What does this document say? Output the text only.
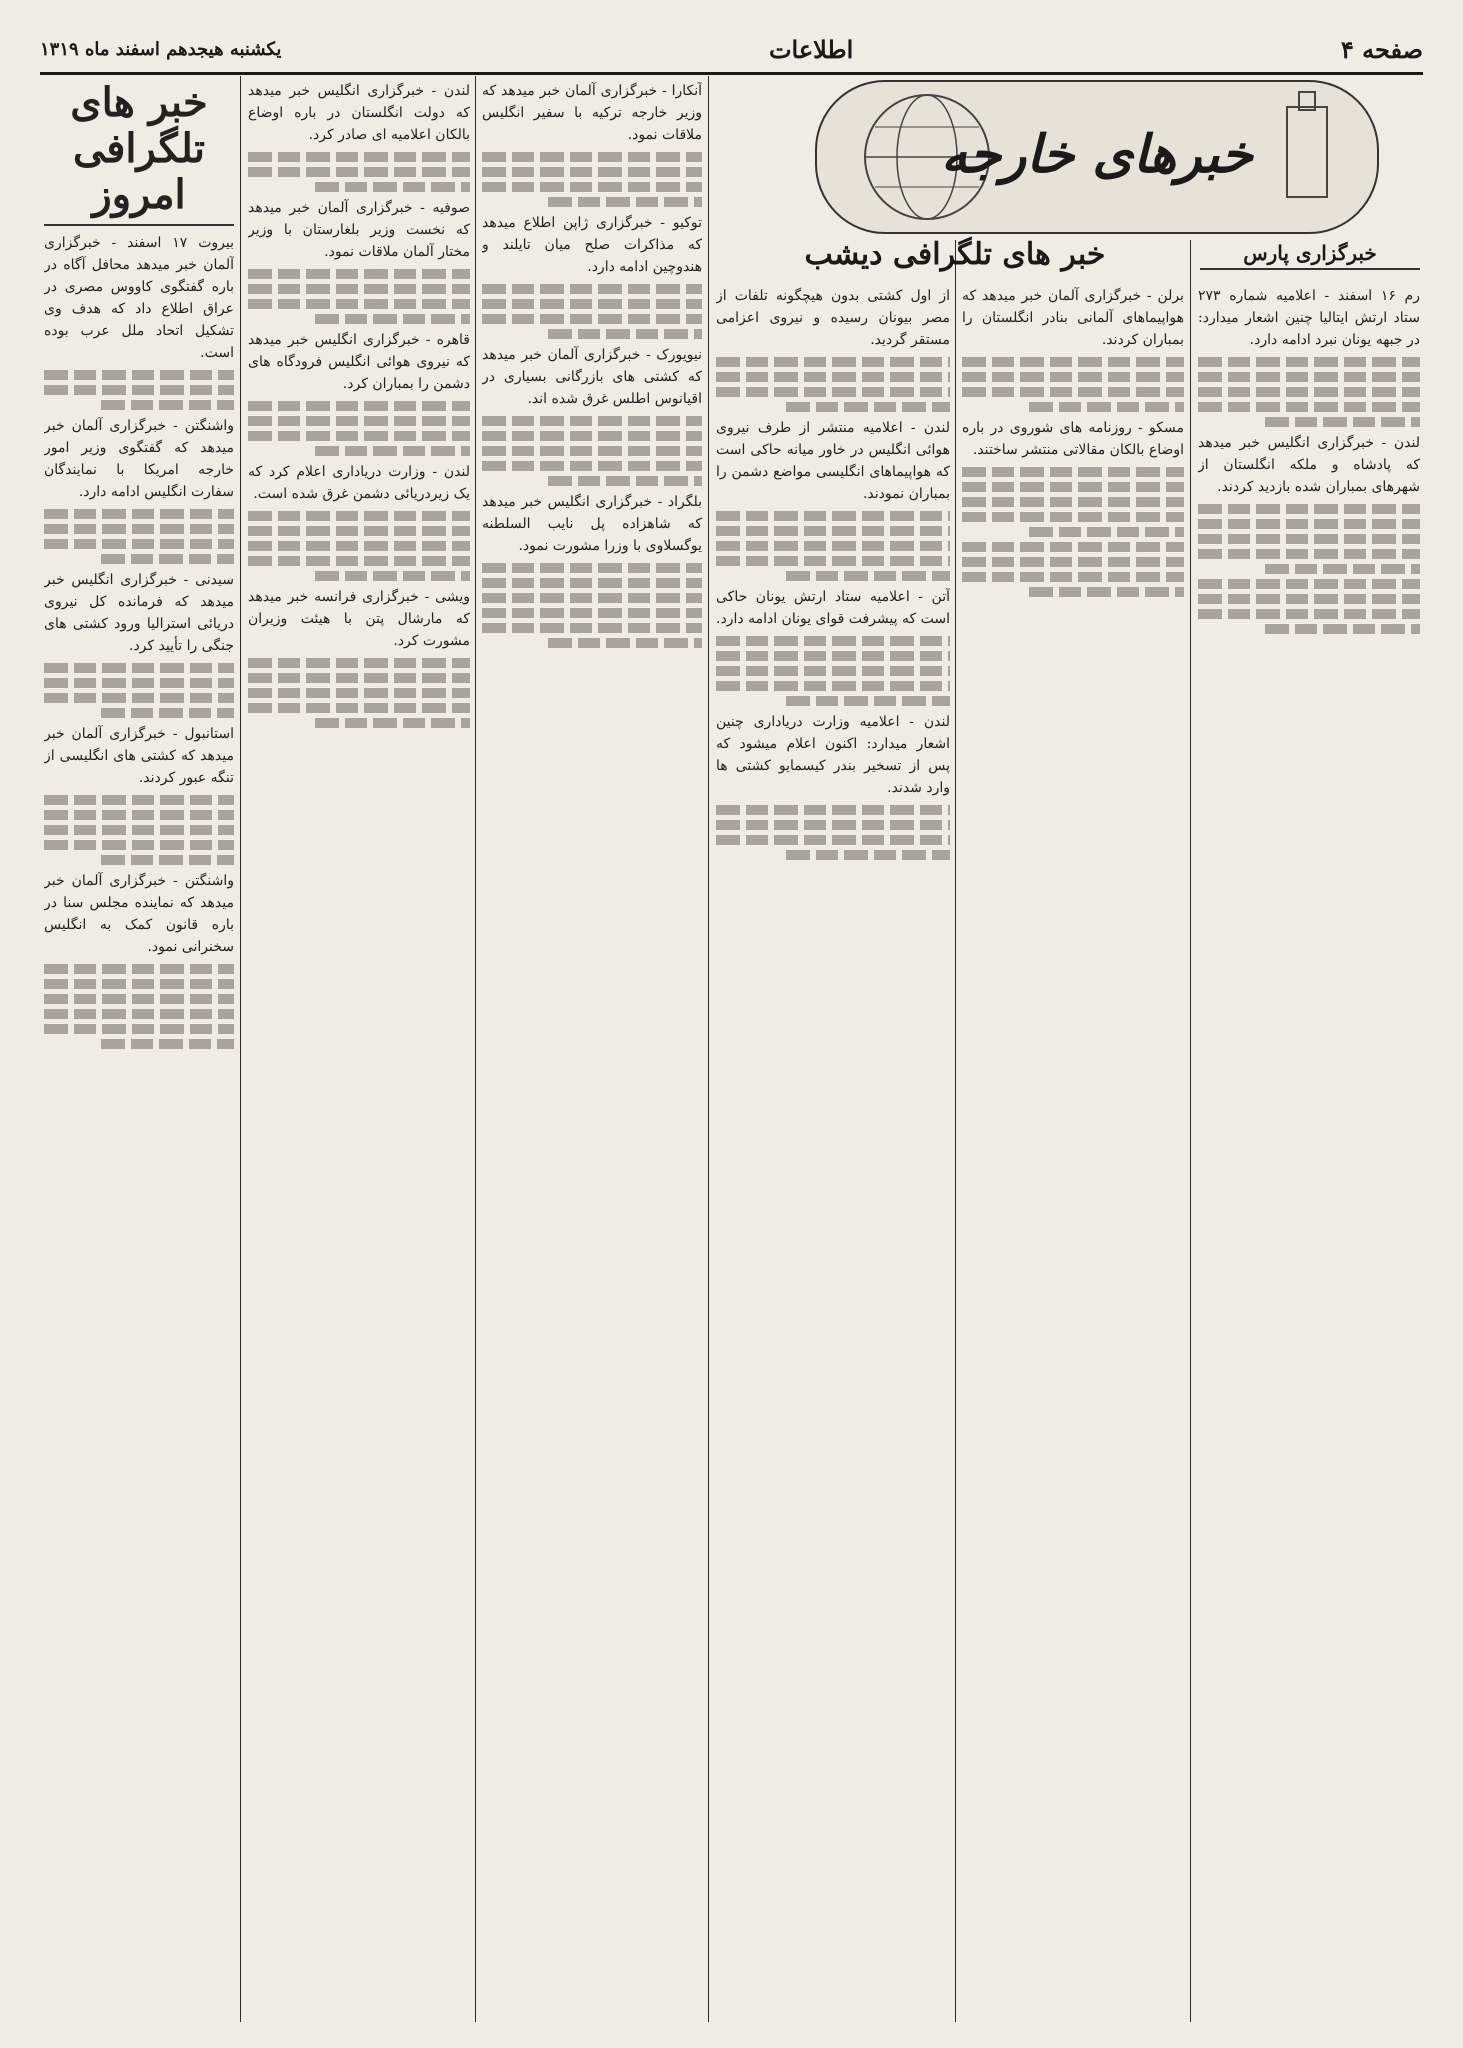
صفحه ۴
اطلاعات
یکشنبه هیجدهم اسفند ماه ۱۳۱۹
خبرهای خارجه
خبر های تلگرافی امروز

بیروت ۱۷ اسفند - خبرگزاری آلمان خبر میدهد محافل آگاه در باره گفتگوی کاووس مصری در عراق اطلاع داد که هدف وی تشکیل اتحاد ملل عرب بوده است.

واشنگتن - خبرگزاری آلمان خبر میدهد که گفتگوی وزیر امور خارجه امریکا با نمایندگان سفارت انگلیس ادامه دارد.

سیدنی - خبرگزاری انگلیس خبر میدهد که فرمانده کل نیروی دریائی استرالیا ورود کشتی های جنگی را تأیید کرد.

استانبول - خبرگزاری آلمان خبر میدهد که کشتی های انگلیسی از تنگه عبور کردند.

واشنگتن - خبرگزاری آلمان خبر میدهد که نماینده مجلس سنا در باره قانون کمک به انگلیس سخنرانی نمود.

لندن - خبرگزاری انگلیس خبر میدهد که دولت انگلستان در باره اوضاع بالکان اعلامیه ای صادر کرد.

صوفیه - خبرگزاری آلمان خبر میدهد که نخست وزیر بلغارستان با وزیر مختار آلمان ملاقات نمود.

قاهره - خبرگزاری انگلیس خبر میدهد که نیروی هوائی انگلیس فرودگاه های دشمن را بمباران کرد.

لندن - وزارت دریاداری اعلام کرد که یک زیردریائی دشمن غرق شده است.

ویشی - خبرگزاری فرانسه خبر میدهد که مارشال پتن با هیئت وزیران مشورت کرد.

آنکارا - خبرگزاری آلمان خبر میدهد که وزیر خارجه ترکیه با سفیر انگلیس ملاقات نمود.

توکیو - خبرگزاری ژاپن اطلاع میدهد که مذاکرات صلح میان تایلند و هندوچین ادامه دارد.

نیویورک - خبرگزاری آلمان خبر میدهد که کشتی های بازرگانی بسیاری در اقیانوس اطلس غرق شده اند.

بلگراد - خبرگزاری انگلیس خبر میدهد که شاهزاده پل نایب السلطنه یوگسلاوی با وزرا مشورت نمود.

خبر های تلگرافی دیشب	خبرگزاری پارس

از اول کشتی بدون هیچگونه تلفات از مصر بیونان رسیده و نیروی اعزامی مستقر گردید.

لندن - اعلامیه منتشر از طرف نیروی هوائی انگلیس در خاور میانه حاکی است که هواپیماهای انگلیسی مواضع دشمن را بمباران نمودند.

آتن - اعلامیه ستاد ارتش یونان حاکی است که پیشرفت قوای یونان ادامه دارد.

لندن - اعلامیه وزارت دریاداری چنین اشعار میدارد: اکنون اعلام میشود که پس از تسخیر بندر کیسمایو کشتی ها وارد شدند.

برلن - خبرگزاری آلمان خبر میدهد که هواپیماهای آلمانی بنادر انگلستان را بمباران کردند.

مسکو - روزنامه های شوروی در باره اوضاع بالکان مقالاتی منتشر ساختند.

رم ۱۶ اسفند - اعلامیه شماره ۲۷۳ ستاد ارتش ایتالیا چنین اشعار میدارد: در جبهه یونان نبرد ادامه دارد.

لندن - خبرگزاری انگلیس خبر میدهد که پادشاه و ملکه انگلستان از شهرهای بمباران شده بازدید کردند.
